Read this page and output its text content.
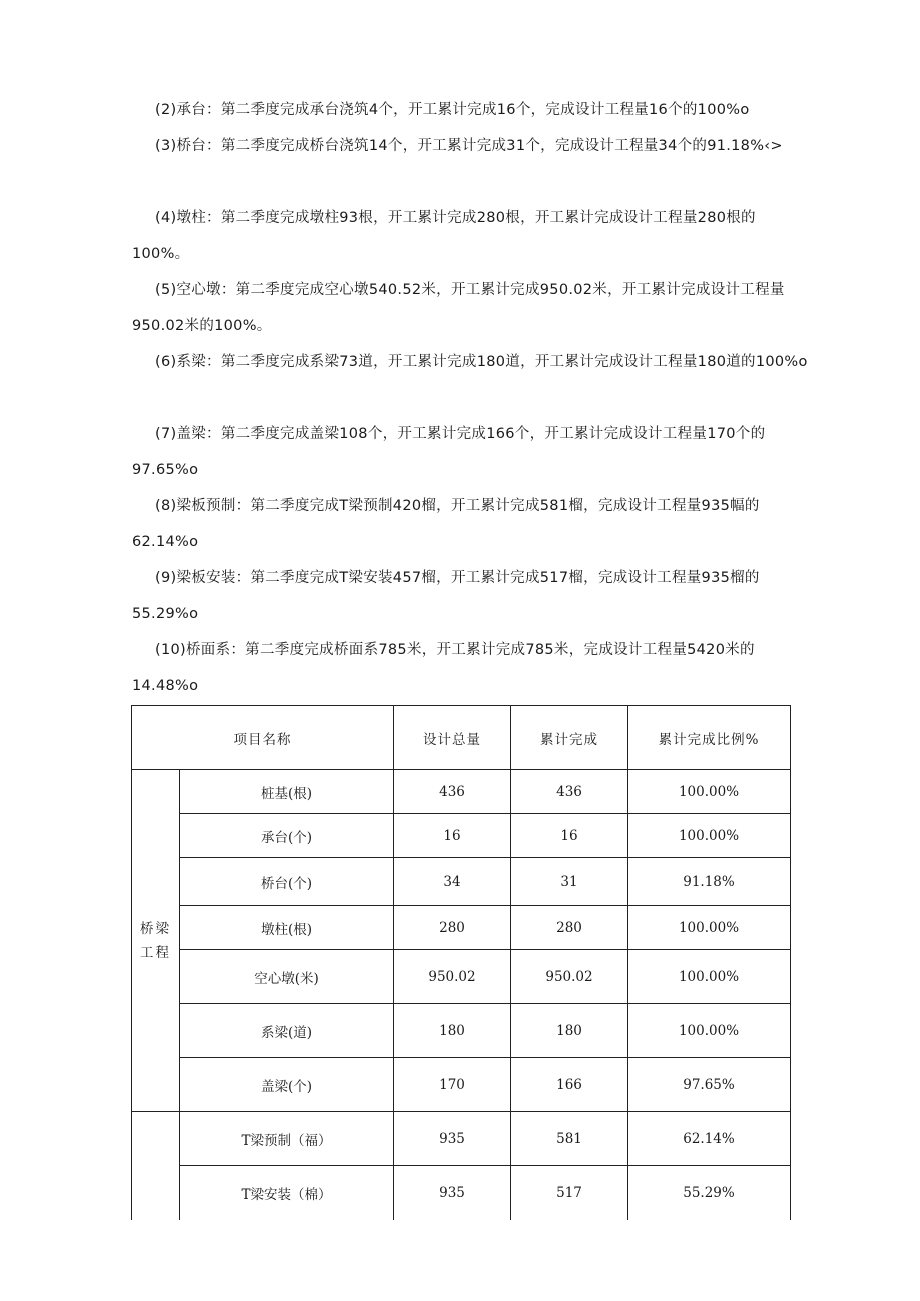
(2)承台：第二季度完成承台浇筑4个，开工累计完成16个，完成设计工程量16个的100%o

(3)桥台：第二季度完成桥台浇筑14个，开工累计完成31个，完成设计工程量34个的91.18%‹>

(4)墩柱：第二季度完成墩柱93根，开工累计完成280根，开工累计完成设计工程量280根的100%。

(5)空心墩：第二季度完成空心墩540.52米，开工累计完成950.02米，开工累计完成设计工程量950.02米的100%。

(6)系梁：第二季度完成系梁73道，开工累计完成180道，开工累计完成设计工程量180道的100%o

(7)盖梁：第二季度完成盖梁108个，开工累计完成166个，开工累计完成设计工程量170个的97.65%o

(8)梁板预制：第二季度完成T梁预制420榴，开工累计完成581榴，完成设计工程量935幅的62.14%o

(9)梁板安装：第二季度完成T梁安装457榴，开工累计完成517榴，完成设计工程量935榴的55.29%o

(10)桥面系：第二季度完成桥面系785米，开工累计完成785米，完成设计工程量5420米的14.48%o

项目名称		设计总量	累计完成	累计完成比例%
桥梁工程	桩基(根)	436	436	100.00%
	承台(个)	16	16	100.00%
	桥台(个)	34	31	91.18%
	墩柱(根)	280	280	100.00%
	空心墩(米)	950.02	950.02	100.00%
	系梁(道)	180	180	100.00%
	盖梁(个)	170	166	97.65%
	T梁预制（福）	935	581	62.14%
	T梁安装（棉）	935	517	55.29%
